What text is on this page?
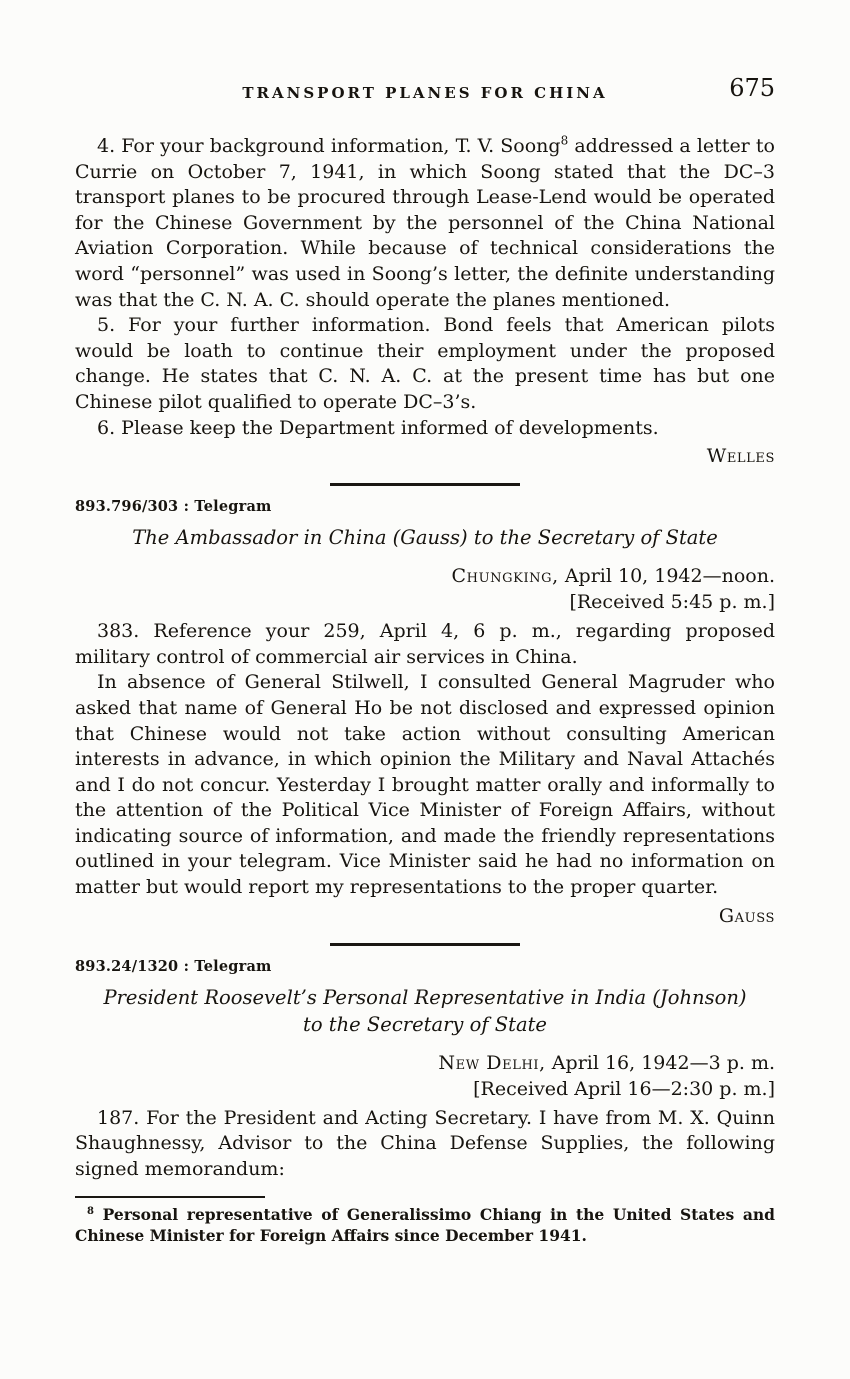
TRANSPORT PLANES FOR CHINA	675

4. For your background information, T. V. Soong$^8$ addressed a letter to Currie on October 7, 1941, in which Soong stated that the DC–3 transport planes to be procured through Lease-Lend would be operated for the Chinese Government by the personnel of the China National Aviation Corporation. While because of technical considerations the word “personnel” was used in Soong’s letter, the definite understanding was that the C. N. A. C. should operate the planes mentioned.

5. For your further information. Bond feels that American pilots would be loath to continue their employment under the proposed change. He states that C. N. A. C. at the present time has but one Chinese pilot qualified to operate DC–3’s.

6. Please keep the Department informed of developments.

Welles

893.796/303 : Telegram

The Ambassador in China (Gauss) to the Secretary of State

Chungking, April 10, 1942—noon.

[Received 5:45 p. m.]

383. Reference your 259, April 4, 6 p. m., regarding proposed military control of commercial air services in China.

In absence of General Stilwell, I consulted General Magruder who asked that name of General Ho be not disclosed and expressed opinion that Chinese would not take action without consulting American interests in advance, in which opinion the Military and Naval Attachés and I do not concur. Yesterday I brought matter orally and informally to the attention of the Political Vice Minister of Foreign Affairs, without indicating source of information, and made the friendly representations outlined in your telegram. Vice Minister said he had no information on matter but would report my representations to the proper quarter.

Gauss

893.24/1320 : Telegram

President Roosevelt’s Personal Representative in India (Johnson)
to the Secretary of State

New Delhi, April 16, 1942—3 p. m.

[Received April 16—2:30 p. m.]

187. For the President and Acting Secretary. I have from M. X. Quinn Shaughnessy, Advisor to the China Defense Supplies, the following signed memorandum:

$^8$ Personal representative of Generalissimo Chiang in the United States and Chinese Minister for Foreign Affairs since December 1941.
